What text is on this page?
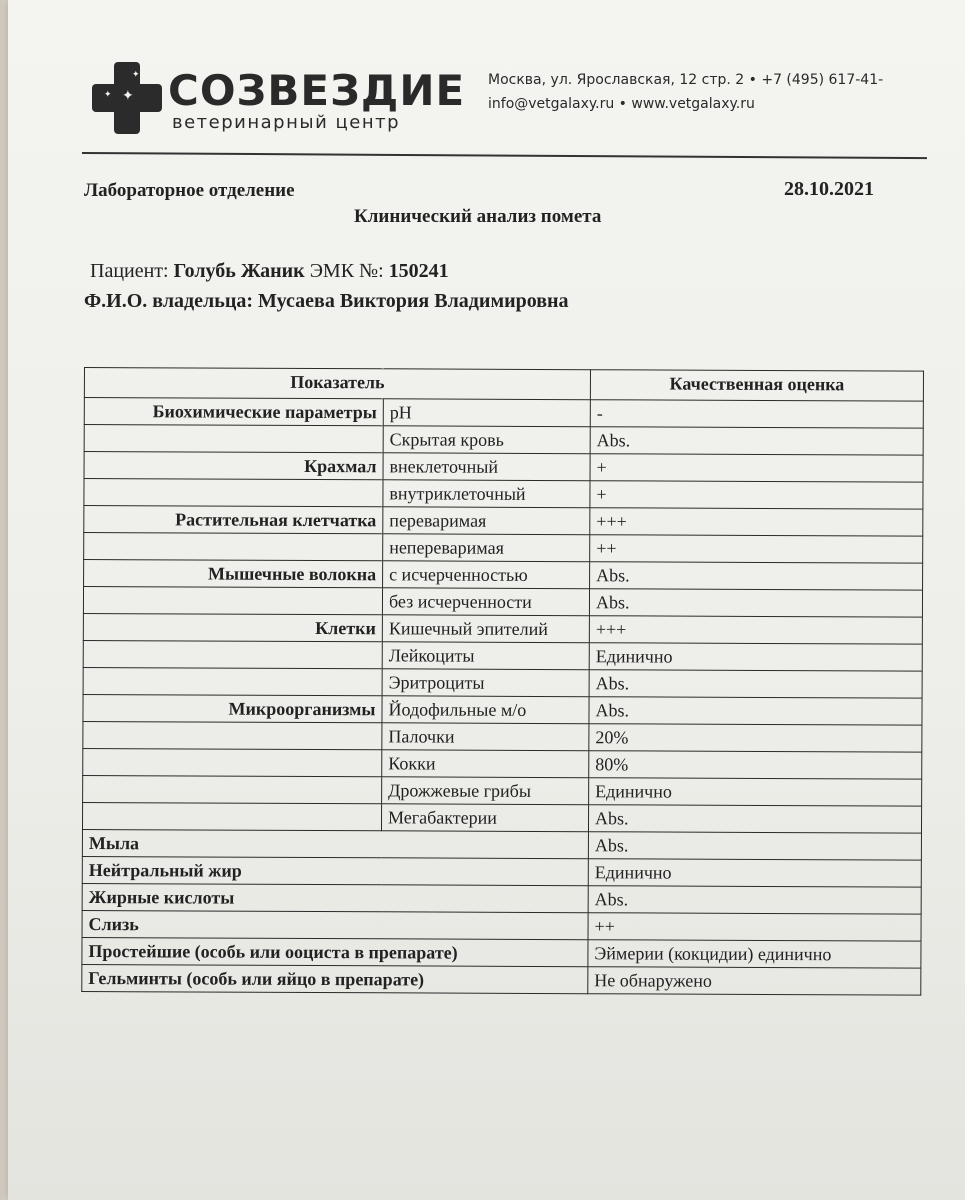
✦
✦
✦ СОЗВЕЗДИЕ
ветеринарный центр
Москва, ул. Ярославская, 12 стр. 2 • +7 (495) 617-41-
info@vetgalaxy.ru • www.vetgalaxy.ru
Лабораторное отделение	28.10.2021
Клинический анализ помета
Пациент: Голубь Жаник ЭМК №: 150241
Ф.И.О. владельца: Мусаева Виктория Владимировна
Показатель		Качественная оценка
Биохимические параметры	pH	-
	Скрытая кровь	Abs.
Крахмал	внеклеточный	+
	внутриклеточный	+
Растительная клетчатка	переваримая	+++
	непереваримая	++
Мышечные волокна	с исчерченностью	Abs.
	без исчерченности	Abs.
Клетки	Кишечный эпителий	+++
	Лейкоциты	Единично
	Эритроциты	Abs.
Микроорганизмы	Йодофильные м/о	Abs.
	Палочки	20%
	Кокки	80%
	Дрожжевые грибы	Единично
	Мегабактерии	Abs.
Мыла		Abs.
Нейтральный жир		Единично
Жирные кислоты		Abs.
Слизь		++
Простейшие (особь или ооциста в препарате)		Эймерии (кокцидии) единично
Гельминты (особь или яйцо в препарате)		Не обнаружено
